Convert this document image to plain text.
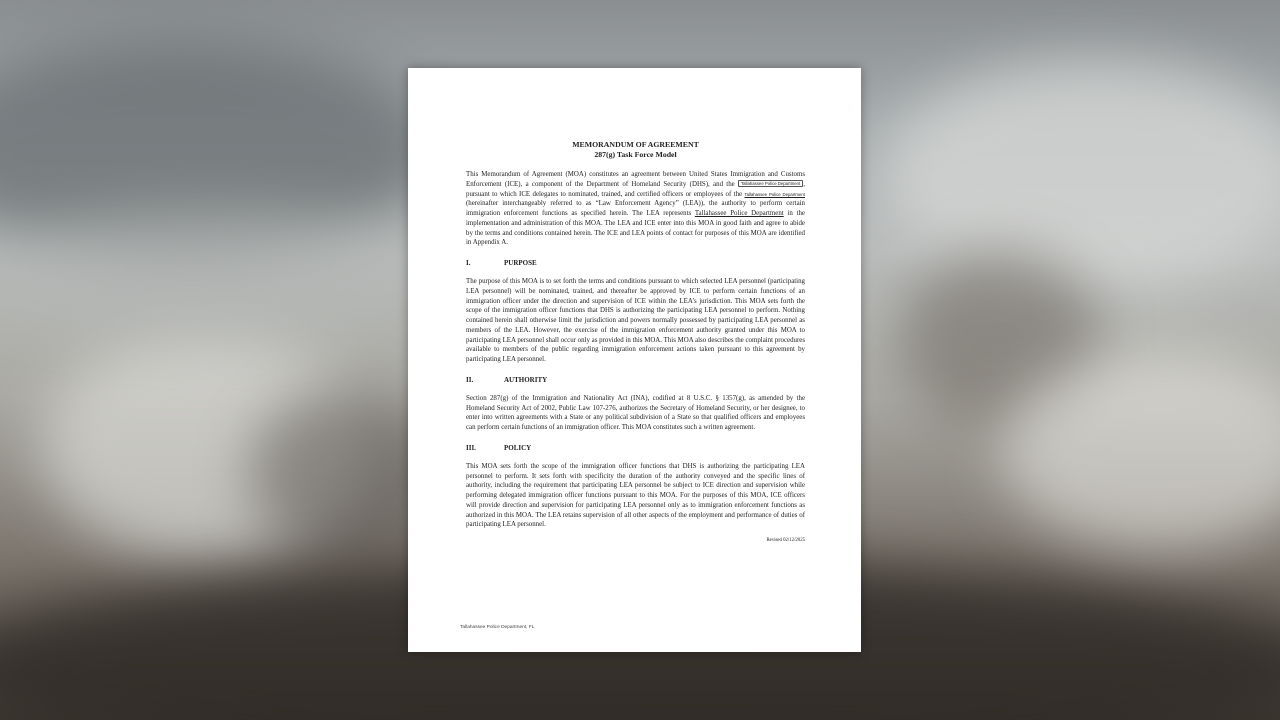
MEMORANDUM OF AGREEMENT
287(g) Task Force Model

This Memorandum of Agreement (MOA) constitutes an agreement between United States Immigration and Customs Enforcement (ICE), a component of the Department of Homeland Security (DHS), and the Tallahassee Police Department , pursuant to which ICE delegates to nominated, trained, and certified officers or employees of the Tallahassee Police Department (hereinafter interchangeably referred to as “Law Enforcement Agency” (LEA)), the authority to perform certain immigration enforcement functions as specified herein. The LEA represents Tallahassee Police Department in the implementation and administration of this MOA. The LEA and ICE enter into this MOA in good faith and agree to abide by the terms and conditions contained herein. The ICE and LEA points of contact for purposes of this MOA are identified in Appendix A.

I.	PURPOSE

The purpose of this MOA is to set forth the terms and conditions pursuant to which selected LEA personnel (participating LEA personnel) will be nominated, trained, and thereafter be approved by ICE to perform certain functions of an immigration officer under the direction and supervision of ICE within the LEA’s jurisdiction. This MOA sets forth the scope of the immigration officer functions that DHS is authorizing the participating LEA personnel to perform. Nothing contained herein shall otherwise limit the jurisdiction and powers normally possessed by participating LEA personnel as members of the LEA. However, the exercise of the immigration enforcement authority granted under this MOA to participating LEA personnel shall occur only as provided in this MOA. This MOA also describes the complaint procedures available to members of the public regarding immigration enforcement actions taken pursuant to this agreement by participating LEA personnel.

II.	AUTHORITY

Section 287(g) of the Immigration and Nationality Act (INA), codified at 8 U.S.C. § 1357(g), as amended by the Homeland Security Act of 2002, Public Law 107-276, authorizes the Secretary of Homeland Security, or her designee, to enter into written agreements with a State or any political subdivision of a State so that qualified officers and employees can perform certain functions of an immigration officer. This MOA constitutes such a written agreement.

III.	POLICY

This MOA sets forth the scope of the immigration officer functions that DHS is authorizing the participating LEA personnel to perform. It sets forth with specificity the duration of the authority conveyed and the specific lines of authority, including the requirement that participating LEA personnel be subject to ICE direction and supervision while performing delegated immigration officer functions pursuant to this MOA. For the purposes of this MOA, ICE officers will provide direction and supervision for participating LEA personnel only as to immigration enforcement functions as authorized in this MOA. The LEA retains supervision of all other aspects of the employment and performance of duties of participating LEA personnel.

Revised 02/12/2025
Tallahassee Police Department, FL
